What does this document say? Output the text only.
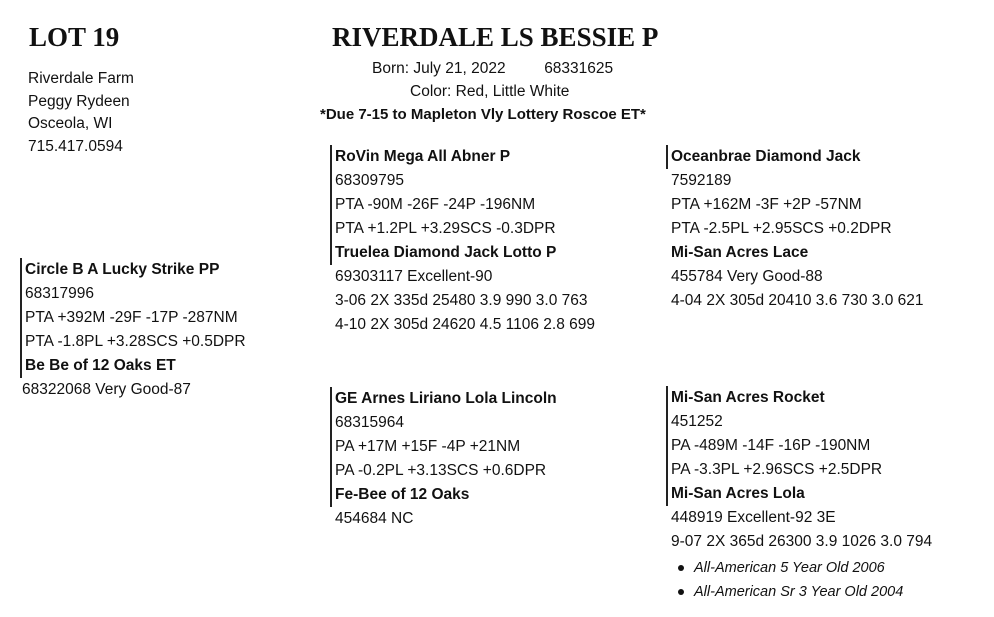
LOT 19
Riverdale Farm
Peggy Rydeen
Osceola, WI
715.417.0594
RIVERDALE LS BESSIE P
Born: July 21, 2022 68331625
Color: Red, Little White
*Due 7-15 to Mapleton Vly Lottery Roscoe ET*
Circle B A Lucky Strike PP
68317996
PTA +392M -29F -17P -287NM
PTA -1.8PL +3.28SCS +0.5DPR
Be Be of 12 Oaks ET
68322068 Very Good-87
RoVin Mega All Abner P
68309795
PTA -90M -26F -24P -196NM
PTA +1.2PL +3.29SCS -0.3DPR
Truelea Diamond Jack Lotto P
69303117 Excellent-90
3-06 2X 335d 25480 3.9 990 3.0 763
4-10 2X 305d 24620 4.5 1106 2.8 699
Oceanbrae Diamond Jack
7592189
PTA +162M -3F +2P -57NM
PTA -2.5PL +2.95SCS +0.2DPR
Mi-San Acres Lace
455784 Very Good-88
4-04 2X 305d 20410 3.6 730 3.0 621
GE Arnes Liriano Lola Lincoln
68315964
PA +17M +15F -4P +21NM
PA -0.2PL +3.13SCS +0.6DPR
Fe-Bee of 12 Oaks
454684 NC
Mi-San Acres Rocket
451252
PA -489M -14F -16P -190NM
PA -3.3PL +2.96SCS +2.5DPR
Mi-San Acres Lola
448919 Excellent-92 3E
9-07 2X 365d 26300 3.9 1026 3.0 794
All-American 5 Year Old 2006
All-American Sr 3 Year Old 2004
